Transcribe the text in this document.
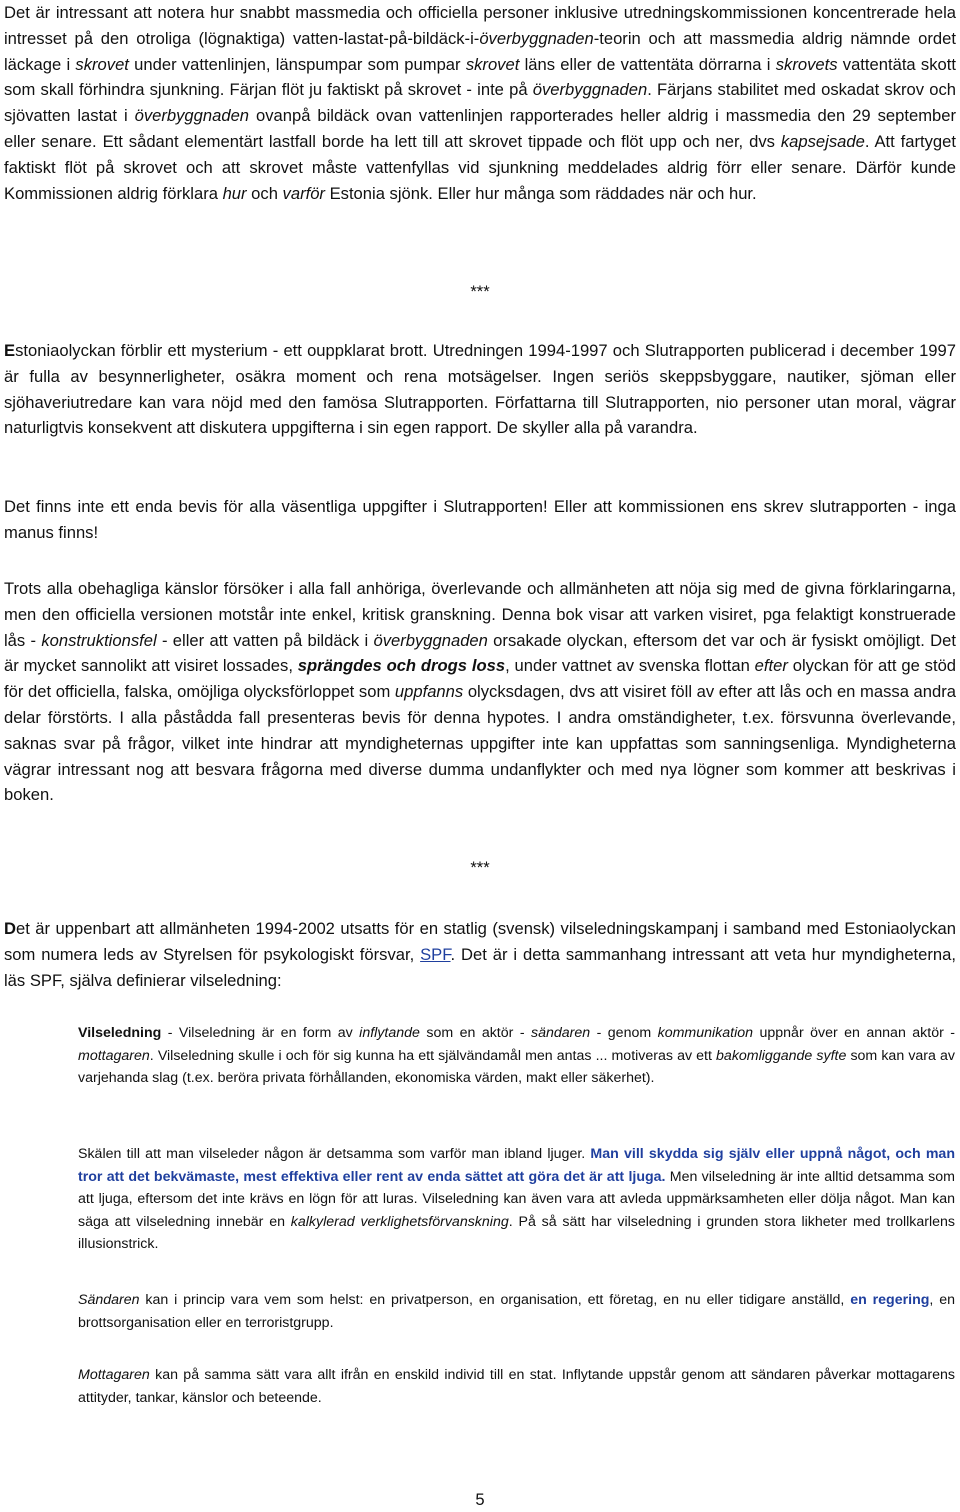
Det är intressant att notera hur snabbt massmedia och officiella personer inklusive utredningskommissionen koncentrerade hela intresset på den otroliga (lögnaktiga) vatten-lastat-på-bildäck-i-överbyggnaden-teorin och att massmedia aldrig nämnde ordet läckage i skrovet under vattenlinjen, länspumpar som pumpar skrovet läns eller de vattentäta dörrarna i skrovets vattentäta skott som skall förhindra sjunkning. Färjan flöt ju faktiskt på skrovet - inte på överbyggnaden. Färjans stabilitet med oskadat skrov och sjövatten lastat i överbyggnaden ovanpå bildäck ovan vattenlinjen rapporterades heller aldrig i massmedia den 29 september eller senare. Ett sådant elementärt lastfall borde ha lett till att skrovet tippade och flöt upp och ner, dvs kapsejsade. Att fartyget faktiskt flöt på skrovet och att skrovet måste vattenfyllas vid sjunkning meddelades aldrig förr eller senare. Därför kunde Kommissionen aldrig förklara hur och varför Estonia sjönk. Eller hur många som räddades när och hur.

***

Estoniaolyckan förblir ett mysterium - ett ouppklarat brott. Utredningen 1994-1997 och Slutrapporten publicerad i december 1997 är fulla av besynnerligheter, osäkra moment och rena motsägelser. Ingen seriös skeppsbyggare, nautiker, sjöman eller sjöhaveriutredare kan vara nöjd med den famösa Slutrapporten. Författarna till Slutrapporten, nio personer utan moral, vägrar naturligtvis konsekvent att diskutera uppgifterna i sin egen rapport. De skyller alla på varandra.

Det finns inte ett enda bevis för alla väsentliga uppgifter i Slutrapporten! Eller att kommissionen ens skrev slutrapporten - inga manus finns!

Trots alla obehagliga känslor försöker i alla fall anhöriga, överlevande och allmänheten att nöja sig med de givna förklaringarna, men den officiella versionen motstår inte enkel, kritisk granskning. Denna bok visar att varken visiret, pga felaktigt konstruerade lås - konstruktionsfel - eller att vatten på bildäck i överbyggnaden orsakade olyckan, eftersom det var och är fysiskt omöjligt. Det är mycket sannolikt att visiret lossades, sprängdes och drogs loss, under vattnet av svenska flottan efter olyckan för att ge stöd för det officiella, falska, omöjliga olycksförloppet som uppfanns olycksdagen, dvs att visiret föll av efter att lås och en massa andra delar förstörts. I alla påstådda fall presenteras bevis för denna hypotes. I andra omständigheter, t.ex. försvunna överlevande, saknas svar på frågor, vilket inte hindrar att myndigheternas uppgifter inte kan uppfattas som sanningsenliga. Myndigheterna vägrar intressant nog att besvara frågorna med diverse dumma undanflykter och med nya lögner som kommer att beskrivas i boken.

***

Det är uppenbart att allmänheten 1994-2002 utsatts för en statlig (svensk) vilseledningskampanj i samband med Estoniaolyckan som numera leds av Styrelsen för psykologiskt försvar, SPF. Det är i detta sammanhang intressant att veta hur myndigheterna, läs SPF, själva definierar vilseledning:

Vilseledning - Vilseledning är en form av inflytande som en aktör - sändaren - genom kommunikation uppnår över en annan aktör - mottagaren. Vilseledning skulle i och för sig kunna ha ett självändamål men antas ... motiveras av ett bakomliggande syfte som kan vara av varjehanda slag (t.ex. beröra privata förhållanden, ekonomiska värden, makt eller säkerhet).

Skälen till att man vilseleder någon är detsamma som varför man ibland ljuger. Man vill skydda sig själv eller uppnå något, och man tror att det bekvämaste, mest effektiva eller rent av enda sättet att göra det är att ljuga. Men vilseledning är inte alltid detsamma som att ljuga, eftersom det inte krävs en lögn för att luras. Vilseledning kan även vara att avleda uppmärksamheten eller dölja något. Man kan säga att vilseledning innebär en kalkylerad verklighetsförvanskning. På så sätt har vilseledning i grunden stora likheter med trollkarlens illusionstrick.

Sändaren kan i princip vara vem som helst: en privatperson, en organisation, ett företag, en nu eller tidigare anställd, en regering, en brottsorganisation eller en terroristgrupp.

Mottagaren kan på samma sätt vara allt ifrån en enskild individ till en stat. Inflytande uppstår genom att sändaren påverkar mottagarens attityder, tankar, känslor och beteende.

5
